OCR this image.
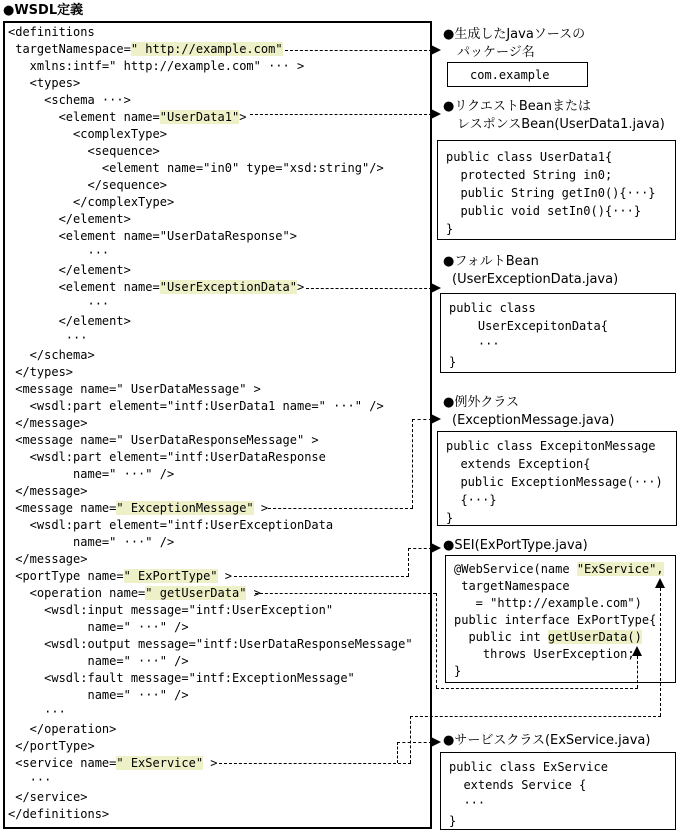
●WSDL定義
<definitions
targetNamespace=" http://example.com"
xmlns:intf=" http://example.com" ··· >
<types>
<schema ···>
<element name="UserData1">
<complexType>
<sequence>
<element name="in0" type="xsd:string"/>
</sequence>
</complexType>
</element>
<element name="UserDataResponse">
···
</element>
<element name="UserExceptionData">
···
</element>
···
</schema>
</types>
<message name=" UserDataMessage" >
<wsdl:part element="intf:UserData1 name=" ···" />
</message>
<message name=" UserDataResponseMessage" >
<wsdl:part element="intf:UserDataResponse
name=" ···" />
</message>
<message name=" ExceptionMessage" >
<wsdl:part element="intf:UserExceptionData
name=" ···" />
</message>
<portType name=" ExPortType" >
<operation name=" getUserData" >
<wsdl:input message="intf:UserException"
name=" ···" />
<wsdl:output message="intf:UserDataResponseMessage"
name=" ···" />
<wsdl:fault message="intf:ExceptionMessage"
name=" ···" />
···
</operation>
</portType>
<service name=" ExService" >
···
</service>
</definitions>
●生成したJavaソースの
パッケージ名
com.example
●リクエストBeanまたは
レスポンスBean(UserData1.java)
public class UserData1{
protected String in0;
public String getIn0(){···}
public void setIn0(){···}
}
●フォルトBean
(UserExceptionData.java)
public class
UserExcepitonData{
···
}
●例外クラス
(ExceptionMessage.java)
public class ExcepitonMessage
extends Exception{
public ExceptionMessage(···)
{···}
}
●SEI(ExPortType.java)
@WebService(name "ExService",
targetNamespace
= "http://example.com")
public interface ExPortType{
public int getUserData()
throws UserException;
}
●サービスクラス(ExService.java)
public class ExService
extends Service {
···
}
